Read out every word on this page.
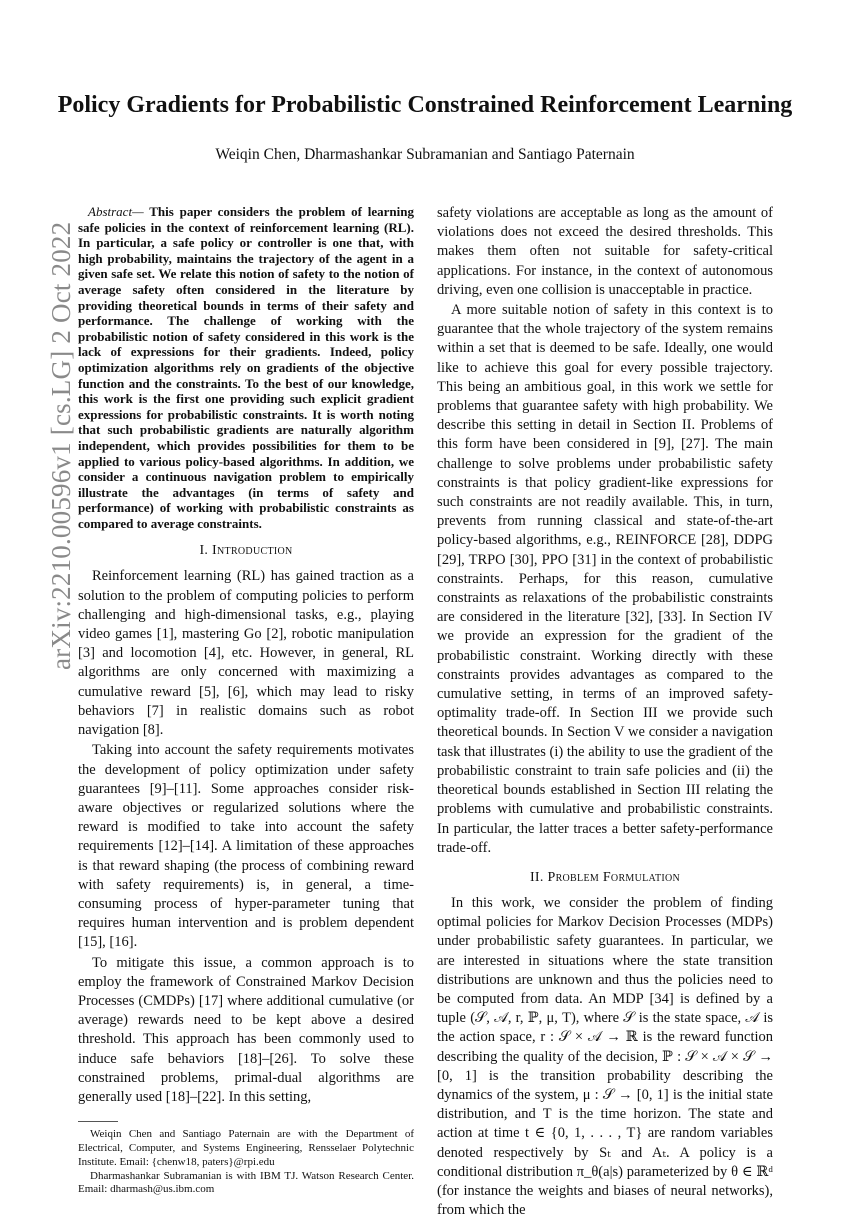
arXiv:2210.00596v1 [cs.LG] 2 Oct 2022
Policy Gradients for Probabilistic Constrained Reinforcement Learning
Weiqin Chen, Dharmashankar Subramanian and Santiago Paternain

Abstract— This paper considers the problem of learning safe policies in the context of reinforcement learning (RL). In particular, a safe policy or controller is one that, with high probability, maintains the trajectory of the agent in a given safe set. We relate this notion of safety to the notion of average safety often considered in the literature by providing theoretical bounds in terms of their safety and performance. The challenge of working with the probabilistic notion of safety considered in this work is the lack of expressions for their gradients. Indeed, policy optimization algorithms rely on gradients of the objective function and the constraints. To the best of our knowledge, this work is the first one providing such explicit gradient expressions for probabilistic constraints. It is worth noting that such probabilistic gradients are naturally algorithm independent, which provides possibilities for them to be applied to various policy-based algorithms. In addition, we consider a continuous navigation problem to empirically illustrate the advantages (in terms of safety and performance) of working with probabilistic constraints as compared to average constraints.

I. Introduction

Reinforcement learning (RL) has gained traction as a solution to the problem of computing policies to perform challenging and high-dimensional tasks, e.g., playing video games [1], mastering Go [2], robotic manipulation [3] and locomotion [4], etc. However, in general, RL algorithms are only concerned with maximizing a cumulative reward [5], [6], which may lead to risky behaviors [7] in realistic domains such as robot navigation [8].

Taking into account the safety requirements motivates the development of policy optimization under safety guarantees [9]–[11]. Some approaches consider risk-aware objectives or regularized solutions where the reward is modified to take into account the safety requirements [12]–[14]. A limitation of these approaches is that reward shaping (the process of combining reward with safety requirements) is, in general, a time-consuming process of hyper-parameter tuning that requires human intervention and is problem dependent [15], [16].

To mitigate this issue, a common approach is to employ the framework of Constrained Markov Decision Processes (CMDPs) [17] where additional cumulative (or average) rewards need to be kept above a desired threshold. This approach has been commonly used to induce safe behaviors [18]–[26]. To solve these constrained problems, primal-dual algorithms are generally used [18]–[22]. In this setting,

Weiqin Chen and Santiago Paternain are with the Department of Electrical, Computer, and Systems Engineering, Rensselaer Polytechnic Institute. Email: {chenw18, paters}@rpi.edu

Dharmashankar Subramanian is with IBM TJ. Watson Research Center. Email: dharmash@us.ibm.com

safety violations are acceptable as long as the amount of violations does not exceed the desired thresholds. This makes them often not suitable for safety-critical applications. For instance, in the context of autonomous driving, even one collision is unacceptable in practice.

A more suitable notion of safety in this context is to guarantee that the whole trajectory of the system remains within a set that is deemed to be safe. Ideally, one would like to achieve this goal for every possible trajectory. This being an ambitious goal, in this work we settle for problems that guarantee safety with high probability. We describe this setting in detail in Section II. Problems of this form have been considered in [9], [27]. The main challenge to solve problems under probabilistic safety constraints is that policy gradient-like expressions for such constraints are not readily available. This, in turn, prevents from running classical and state-of-the-art policy-based algorithms, e.g., REINFORCE [28], DDPG [29], TRPO [30], PPO [31] in the context of probabilistic constraints. Perhaps, for this reason, cumulative constraints as relaxations of the probabilistic constraints are considered in the literature [32], [33]. In Section IV we provide an expression for the gradient of the probabilistic constraint. Working directly with these constraints provides advantages as compared to the cumulative setting, in terms of an improved safety-optimality trade-off. In Section III we provide such theoretical bounds. In Section V we consider a navigation task that illustrates (i) the ability to use the gradient of the probabilistic constraint to train safe policies and (ii) the theoretical bounds established in Section III relating the problems with cumulative and probabilistic constraints. In particular, the latter traces a better safety-performance trade-off.

II. Problem Formulation

In this work, we consider the problem of finding optimal policies for Markov Decision Processes (MDPs) under probabilistic safety guarantees. In particular, we are interested in situations where the state transition distributions are unknown and thus the policies need to be computed from data. An MDP [34] is defined by a tuple (𝒮, 𝒜, r, ℙ, μ, T), where 𝒮 is the state space, 𝒜 is the action space, r : 𝒮 × 𝒜 → ℝ is the reward function describing the quality of the decision, ℙ : 𝒮 × 𝒜 × 𝒮 → [0, 1] is the transition probability describing the dynamics of the system, μ : 𝒮 → [0, 1] is the initial state distribution, and T is the time horizon. The state and action at time t ∈ {0, 1, . . . , T} are random variables denoted respectively by Sₜ and Aₜ. A policy is a conditional distribution π_θ(a|s) parameterized by θ ∈ ℝᵈ (for instance the weights and biases of neural networks), from which the
